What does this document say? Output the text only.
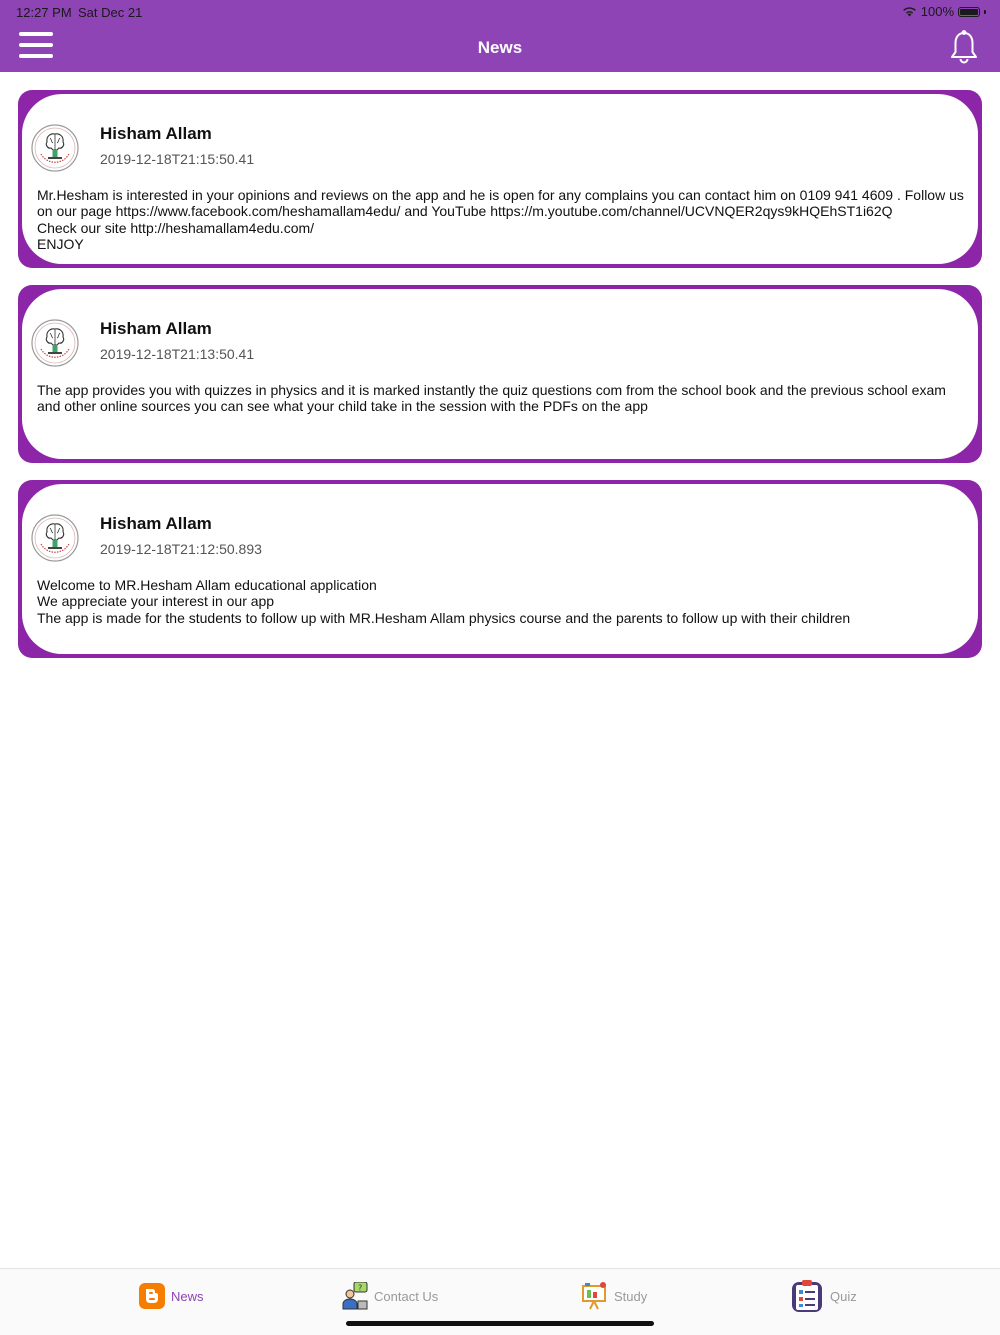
12:27 PM Sat Dec 21	100%
News
Hisham Allam
2019-12-18T21:15:50.41
Mr.Hesham is interested in your opinions and reviews on the app and he is open for any complains you can contact him on 0109 941 4609 . Follow us on our page https://www.facebook.com/heshamallam4edu/ and YouTube https://m.youtube.com/channel/UCVNQER2qys9kHQEhST1i62Q
Check our site http://heshamallam4edu.com/
ENJOY
Hisham Allam
2019-12-18T21:13:50.41
The app provides you with quizzes in physics and it is marked instantly the quiz questions com from the school book and the previous school exam and other online sources you can see what your child take in the session with the PDFs on the app
Hisham Allam
2019-12-18T21:12:50.893
Welcome to MR.Hesham Allam educational application
We appreciate your interest in our app
The app is made for the students to follow up with MR.Hesham Allam physics course and the parents to follow up with their children
News
?
Contact Us	Study	Quiz
